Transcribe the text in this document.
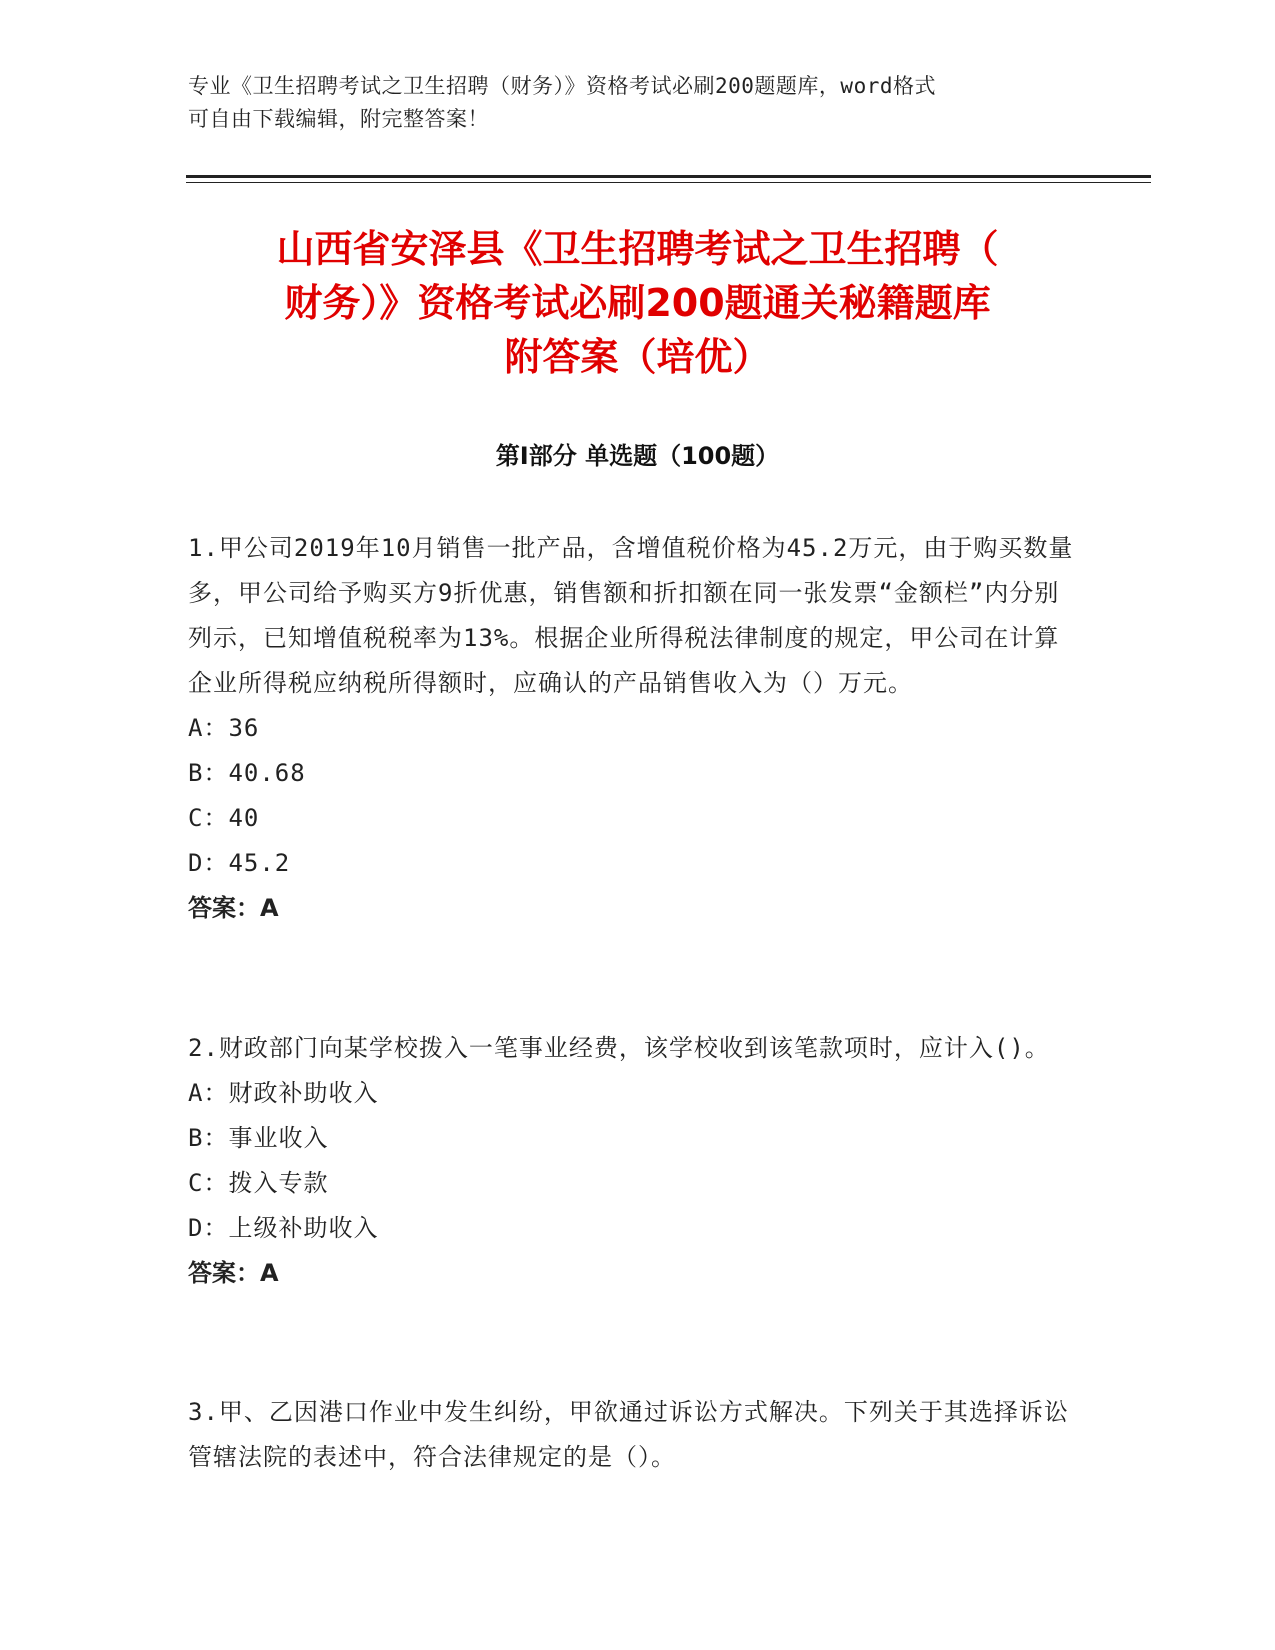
专业《卫生招聘考试之卫生招聘（财务）》资格考试必刷200题题库，word格式
可自由下载编辑，附完整答案！
山西省安泽县《卫生招聘考试之卫生招聘（
财务）》资格考试必刷200题通关秘籍题库
附答案（培优）
第Ⅰ部分 单选题（100题）
1.甲公司2019年10月销售一批产品，含增值税价格为45.2万元，由于购买数量多，甲公司给予购买方9折优惠，销售额和折扣额在同一张发票“金额栏”内分别列示，已知增值税税率为13%。根据企业所得税法律制度的规定，甲公司在计算企业所得税应纳税所得额时，应确认的产品销售收入为（）万元。
A：36
B：40.68
C：40
D：45.2
答案：A
2.财政部门向某学校拨入一笔事业经费，该学校收到该笔款项时，应计入()。
A：财政补助收入
B：事业收入
C：拨入专款
D：上级补助收入
答案：A
3.甲、乙因港口作业中发生纠纷，甲欲通过诉讼方式解决。下列关于其选择诉讼管辖法院的表述中，符合法律规定的是（）。
